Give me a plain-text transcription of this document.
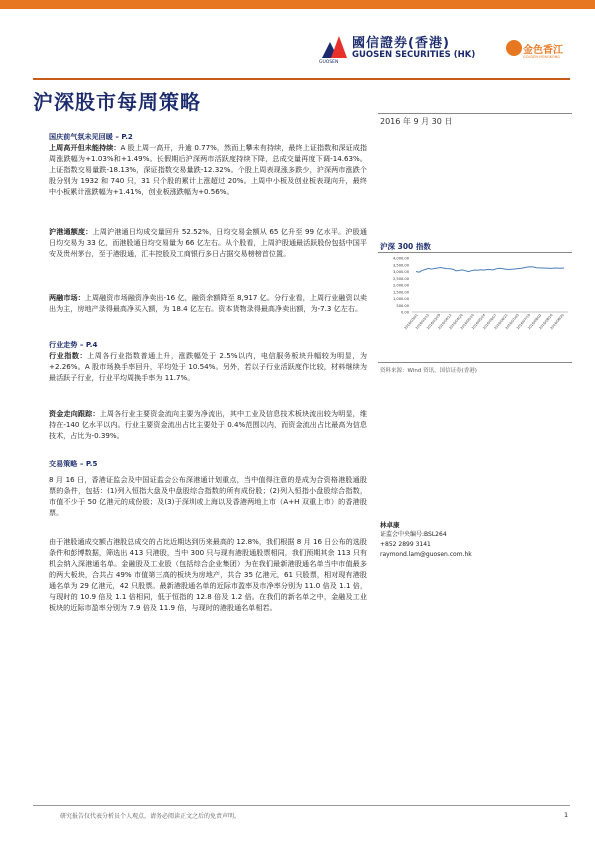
GUOSEN
國信證券(香港)
GUOSEN SECURITIES (HK)	金色香江
GOLDEN HONGKONG
沪深股市每周策略
2016 年 9 月 30 日

国庆前气氛未见回暖 – P.2

上周高开但未能持续：A 股上周一高开，升逾 0.77%，然而上攀未有持续，最终上证指数和深证成指周涨跌幅为+1.03%和+1.49%。长假期后沪深两市活跃度持续下降，总成交量再度下调-14.63%。上证指数交易量跌-18.13%，深证指数交易量跌-12.32%。个股上周表现涨多跌少，沪深两市涨跌个股分别为 1932 和 740 只，31 只个股的累计上涨超过 20%。上周中小板及创业板表现向升，最终中小板累计涨跌幅为+1.41%，创业板涨跌幅为+0.56%。

沪港通额度：上周沪港通日均成交量回升 52.52%，日均交易金额从 65 亿升至 99 亿水平。沪股通日均交易为 33 亿，而港股通日均交易量为 66 亿左右。从个股看，上周沪股通最活跃股份包括中国平安及贵州茅台，至于港股通，汇丰控股及工商银行多日占据交易榜榜首位置。

两融市场：上周融资市场融资净卖出-16 亿，融资余额降至 8,917 亿。分行业看，上周行业融资以卖出为主，房地产录得最高净买入额，为 18.4 亿左右。资本货物录得最高净卖出额，为-7.3 亿左右。

行业走势 – P.4

行业指数：上周各行业指数普通上升，涨跌幅处于 2.5%以内，电信服务板块升幅较为明显，为+2.26%。A 股市场换手率回升，平均处于 10.54%。另外，若以子行业活跃度作比较，材料继续为最活跃子行业，行业平均周换手率为 11.7%。

资金走向跟踪：上周各行业主要资金流向主要为净流出，其中工业及信息技术板块流出较为明显，维持在-140 亿水平以内。行业主要资金流出占比主要处于 0.4%范围以内，而资金流出占比最高为信息技术，占比为-0.39%。

交易策略 – P.5

8 月 16 日，香港证监会及中国证监会公布深港通计划重点，当中值得注意的是成为合资格港股通股票的条件，包括：(1)列入恒指大盘及中盘股综合指数的所有成份股；(2)列入恒指小盘股综合指数，市值不少于 50 亿港元的成份股；及(3)于深圳或上海以及香港两地上市（A+H 双重上市）的香港股票。

由于港股通成交额占港股总成交的占比近期达到历来最高的 12.8%，我们根据 8 月 16 日公布的选股条件和彭博数据，筛选出 413 只港股，当中 300 只与现有港股通股票相同，我们预期其余 113 只有机会纳入深港通名单。金融股及工业股（包括综合企业集团）为在我们最新港股通名单当中市值最多的两大板块，合共占 49% 市值第三高的板块为房地产，共合 35 亿港元，61 只股票，相对现有港股通名单为 29 亿港元，42 只股票。最新港股通名单的近际市盈率及市净率分别为 11.0 倍及 1.1 倍，与现时的 10.9 倍及 1.1 倍相同，低于恒指的 12.8 倍及 1.2 倍。在我们的新名单之中，金融及工业板块的近际市盈率分别为 7.9 倍及 11.9 倍，与现时的港股通名单相若。

沪深 300 指数
4,000.00
3,500.00
3,000.00
2,500.00
2,000.00
1,500.00
1,000.00
500.00
0.00
2016/03/01
2016/03/15
2016/03/29
2016/04/12
2016/04/26
2016/05/10
2016/05/24
2016/06/07
2016/06/21
2016/07/05
2016/07/19
2016/08/02
2016/08/16
2016/08/30
资料来源：Wind 资讯，国信证券(香港)
林卓康
证监会中央编号:BSL264
+852 2899 3141
raymond.lam@guosen.com.hk
研究报告仅代表分析员个人观点，请务必阅读正文之后的免责声明。	1
